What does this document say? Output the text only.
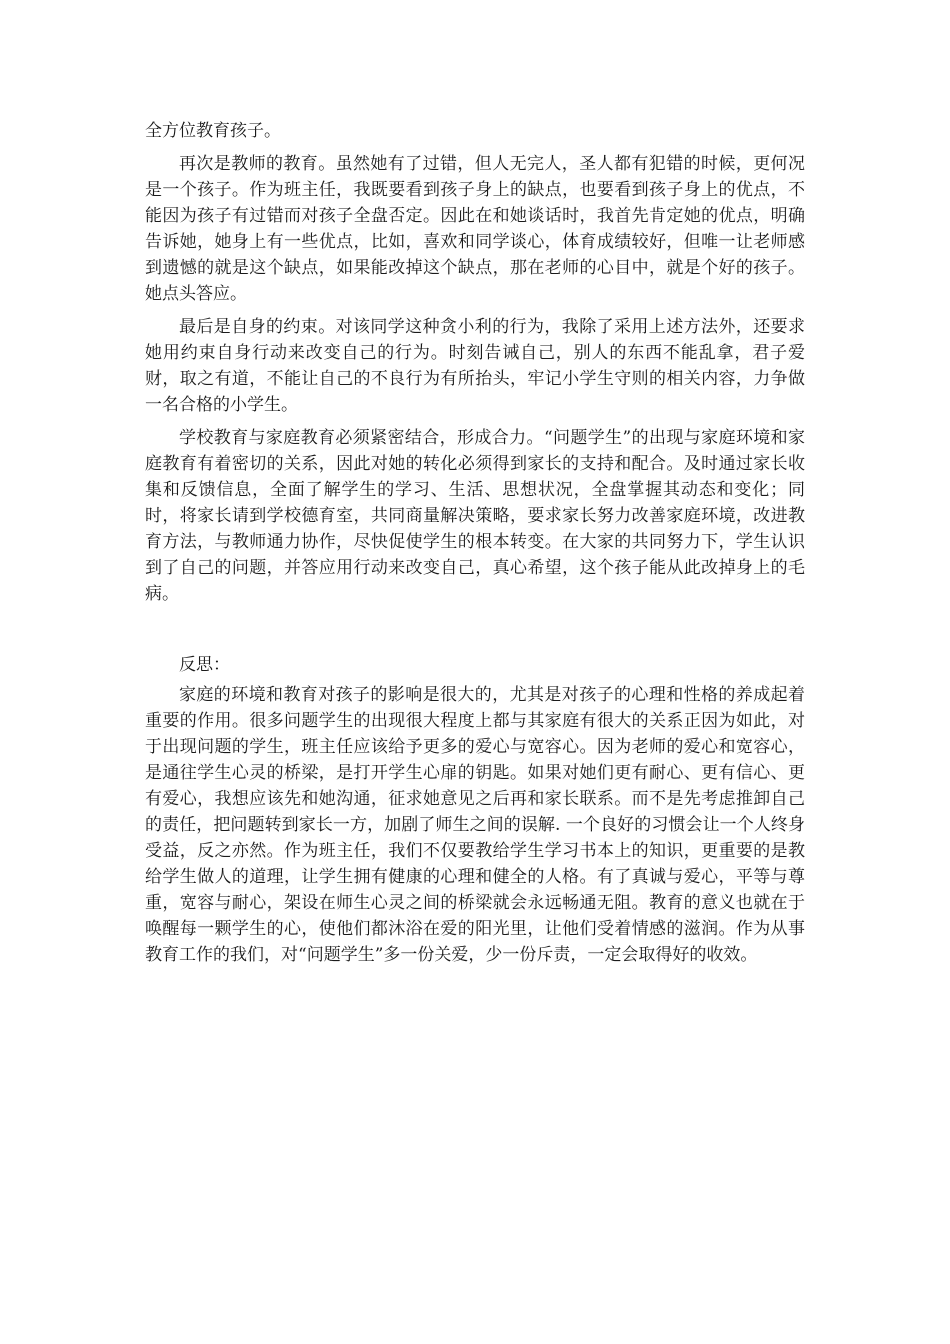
全方位教育孩子。

再次是教师的教育。虽然她有了过错，但人无完人，圣人都有犯错的时候，更何况是一个孩子。作为班主任，我既要看到孩子身上的缺点，也要看到孩子身上的优点，不能因为孩子有过错而对孩子全盘否定。因此在和她谈话时，我首先肯定她的优点，明确告诉她，她身上有一些优点，比如，喜欢和同学谈心，体育成绩较好，但唯一让老师感到遗憾的就是这个缺点，如果能改掉这个缺点，那在老师的心目中，就是个好的孩子。她点头答应。

最后是自身的约束。对该同学这种贪小利的行为，我除了采用上述方法外，还要求她用约束自身行动来改变自己的行为。时刻告诫自己，别人的东西不能乱拿，君子爱财，取之有道，不能让自己的不良行为有所抬头，牢记小学生守则的相关内容，力争做一名合格的小学生。

学校教育与家庭教育必须紧密结合，形成合力。“问题学生”的出现与家庭环境和家庭教育有着密切的关系，因此对她的转化必须得到家长的支持和配合。及时通过家长收集和反馈信息，全面了解学生的学习、生活、思想状况，全盘掌握其动态和变化；同时，将家长请到学校德育室，共同商量解决策略，要求家长努力改善家庭环境，改进教育方法，与教师通力协作，尽快促使学生的根本转变。在大家的共同努力下，学生认识到了自己的问题，并答应用行动来改变自己，真心希望，这个孩子能从此改掉身上的毛病。

反思：

家庭的环境和教育对孩子的影响是很大的，尤其是对孩子的心理和性格的养成起着重要的作用。很多问题学生的出现很大程度上都与其家庭有很大的关系正因为如此，对于出现问题的学生，班主任应该给予更多的爱心与宽容心。因为老师的爱心和宽容心，是通往学生心灵的桥梁，是打开学生心扉的钥匙。如果对她们更有耐心、更有信心、更有爱心，我想应该先和她沟通，征求她意见之后再和家长联系。而不是先考虑推卸自己的责任，把问题转到家长一方，加剧了师生之间的误解. 一个良好的习惯会让一个人终身受益，反之亦然。作为班主任，我们不仅要教给学生学习书本上的知识，更重要的是教给学生做人的道理，让学生拥有健康的心理和健全的人格。有了真诚与爱心，平等与尊重，宽容与耐心，架设在师生心灵之间的桥梁就会永远畅通无阻。教育的意义也就在于唤醒每一颗学生的心，使他们都沐浴在爱的阳光里，让他们受着情感的滋润。作为从事教育工作的我们，对“问题学生”多一份关爱，少一份斥责，一定会取得好的收效。
